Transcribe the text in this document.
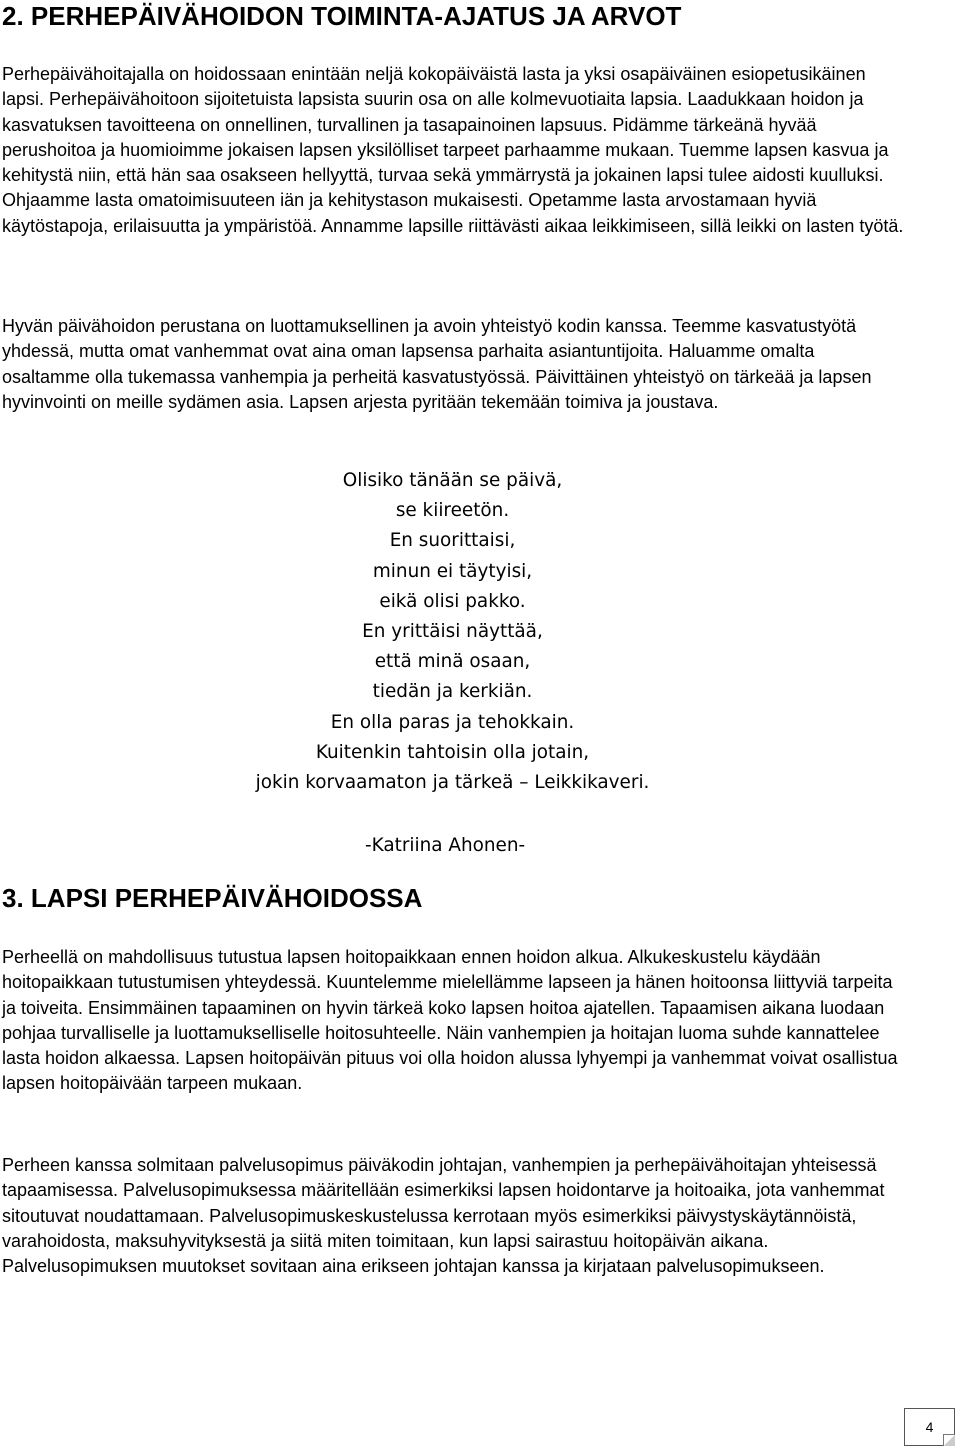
2. PERHEPÄIVÄHOIDON TOIMINTA-AJATUS JA ARVOT

Perhepäivähoitajalla on hoidossaan enintään neljä kokopäiväistä lasta ja yksi osapäiväinen esiopetusikäinen lapsi. Perhepäivähoitoon sijoitetuista lapsista suurin osa on alle kolmevuotiaita lapsia. Laadukkaan hoidon ja kasvatuksen tavoitteena on onnellinen, turvallinen ja tasapainoinen lapsuus. Pidämme tärkeänä hyvää perushoitoa ja huomioimme jokaisen lapsen yksilölliset tarpeet parhaamme mukaan. Tuemme lapsen kasvua ja kehitystä niin, että hän saa osakseen hellyyttä, turvaa sekä ymmärrystä ja jokainen lapsi tulee aidosti kuulluksi. Ohjaamme lasta omatoimisuuteen iän ja kehitystason mukaisesti. Opetamme lasta arvostamaan hyviä käytöstapoja, erilaisuutta ja ympäristöä. Annamme lapsille riittävästi aikaa leikkimiseen, sillä leikki on lasten työtä.

Hyvän päivähoidon perustana on luottamuksellinen ja avoin yhteistyö kodin kanssa. Teemme kasvatustyötä yhdessä, mutta omat vanhemmat ovat aina oman lapsensa parhaita asiantuntijoita. Haluamme omalta osaltamme olla tukemassa vanhempia ja perheitä kasvatustyössä. Päivittäinen yhteistyö on tärkeää ja lapsen hyvinvointi on meille sydämen asia. Lapsen arjesta pyritään tekemään toimiva ja joustava.

Olisiko tänään se päivä,
se kiireetön.
En suorittaisi,
minun ei täytyisi,
eikä olisi pakko.
En yrittäisi näyttää,
että minä osaan,
tiedän ja kerkiän.
En olla paras ja tehokkain.
Kuitenkin tahtoisin olla jotain,
jokin korvaamaton ja tärkeä – Leikkikaveri.

-Katriina Ahonen-

3. LAPSI PERHEPÄIVÄHOIDOSSA

Perheellä on mahdollisuus tutustua lapsen hoitopaikkaan ennen hoidon alkua. Alkukeskustelu käydään hoitopaikkaan tutustumisen yhteydessä. Kuuntelemme mielellämme lapseen ja hänen hoitoonsa liittyviä tarpeita ja toiveita. Ensimmäinen tapaaminen on hyvin tärkeä koko lapsen hoitoa ajatellen. Tapaamisen aikana luodaan pohjaa turvalliselle ja luottamukselliselle hoitosuhteelle. Näin vanhempien ja hoitajan luoma suhde kannattelee lasta hoidon alkaessa. Lapsen hoitopäivän pituus voi olla hoidon alussa lyhyempi ja vanhemmat voivat osallistua lapsen hoitopäivään tarpeen mukaan.

Perheen kanssa solmitaan palvelusopimus päiväkodin johtajan, vanhempien ja perhepäivähoitajan yhteisessä tapaamisessa. Palvelusopimuksessa määritellään esimerkiksi lapsen hoidontarve ja hoitoaika, jota vanhemmat sitoutuvat noudattamaan. Palvelusopimuskeskustelussa kerrotaan myös esimerkiksi päivystyskäytännöistä, varahoidosta, maksuhyvityksestä ja siitä miten toimitaan, kun lapsi sairastuu hoitopäivän aikana. Palvelusopimuksen muutokset sovitaan aina erikseen johtajan kanssa ja kirjataan palvelusopimukseen.

4
